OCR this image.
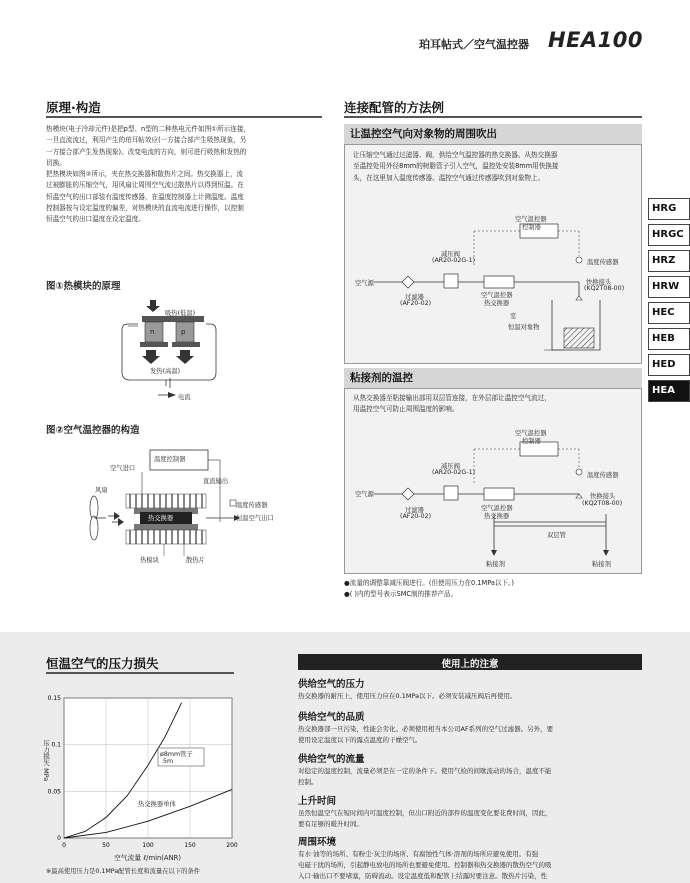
珀耳帖式／空气温控器 HEA100
原理·构造
热模块(电子冷却元件)是把p型、n型的二种热电元件如图①所示连接，
一旦直流流过，利用产生的珀耳帖效应(一方接合部产生吸热现象，另
一方接合部产生发热现象)。改变电流的方向，则可进行吸热和发热的
切换。
把热模块如图②所示，夹在热交换器和散热片之间。热交换器上，流
过被膨胀的压缩空气，用风扇让周围空气流过散热片以得到恒温。在
恒温空气的出口部装有温度传感器，在温度控制器上计测温度。温度
控制器按与设定温度的偏差，对热模块的直流电流进行操作，以控制
恒温空气的出口温度在设定温度。
图①热模块的原理
吸热(低温)
n	p
发热(高温)
电流
图②空气温控器的构造
温度控制器
空气进口
直流输出
风扇
温度传感器
热交换器	恒温空气出口
热模块	散热片
连接配管的方法例
让温控空气向对象物的周围吹出
让压缩空气通过过滤器、阀，供给空气温控器的热交换器。从热交换器
至温控处用外径8mm的树脂管子引入空气，温控处安装8mm用快换接
头，在这里加入温度传感器。温控空气通过传感器吹到对象物上。
空气温控器
控制器
减压阀
(AR20-02G-1)	温度传感器
空气源	快换接头
(KQ2T08-00)
空气温控器
热交换器
过滤器
(AF20-02)
室
恒温对象物
粘接剂的温控
从热交换器至粘接输出部用双层管连接，在外层部让温控空气流过，
用温控空气可防止周围温度的影响。
空气温控器
控制器
减压阀
(AR20-02G-1)	温度传感器
空气源	快换接头
(KQ2T08-00)
空气温控器
热交换器
过滤器
(AF20-02)
双层管
粘接剂	粘接剂
●流量的调整靠减压阀进行。(但使用压力在0.1MPa以下。)
●( )内的型号表示SMC制的推荐产品。
HRG
HRGC
HRZ
HRW
HEC
HEB
HED
HEA
恒温空气的压力损失
0	50	100	150	200
0
0.05
0.1
0.15
ø8mm管子
5m
热交换器单体
压力损失 MPa
空气流量 ℓ/min(ANR)
※最高使用压力是0.1MPa配管长度和流量在以下的条件
使用上的注意
供给空气的压力
热交换器的耐压上，使用压力应在0.1MPa以下。必须安装减压阀后再使用。
供给空气的品质
热交换器部一旦污染，性能会劣化。必须使用相当本公司AF系列的空气过滤器。另外，要
使用设定温度以下的露点温度的干燥空气。
供给空气的流量
对稳定的温度控制，流量必须是在一定的条件下。使用气检的间歇流动的场合，温度不能
控制。
上升时间
虽然恒温空气在短时间内可温度控制，但出口附近的部件的温度变化要花费时间，因此，
要有足够的暖升时间。
周围环境
有水·油等的场所、有粉尘·灰尘的场所、有腐蚀性气体·溶剂的场所应避免使用。有强
电磁干扰的场所，引起静电放电的场所也要避免使用。控制器和热交换器的散热空气的吸
入口·输出口不要堵塞，防碍流动。设定温度低和配管上结露时要注意。散热片污染，性
